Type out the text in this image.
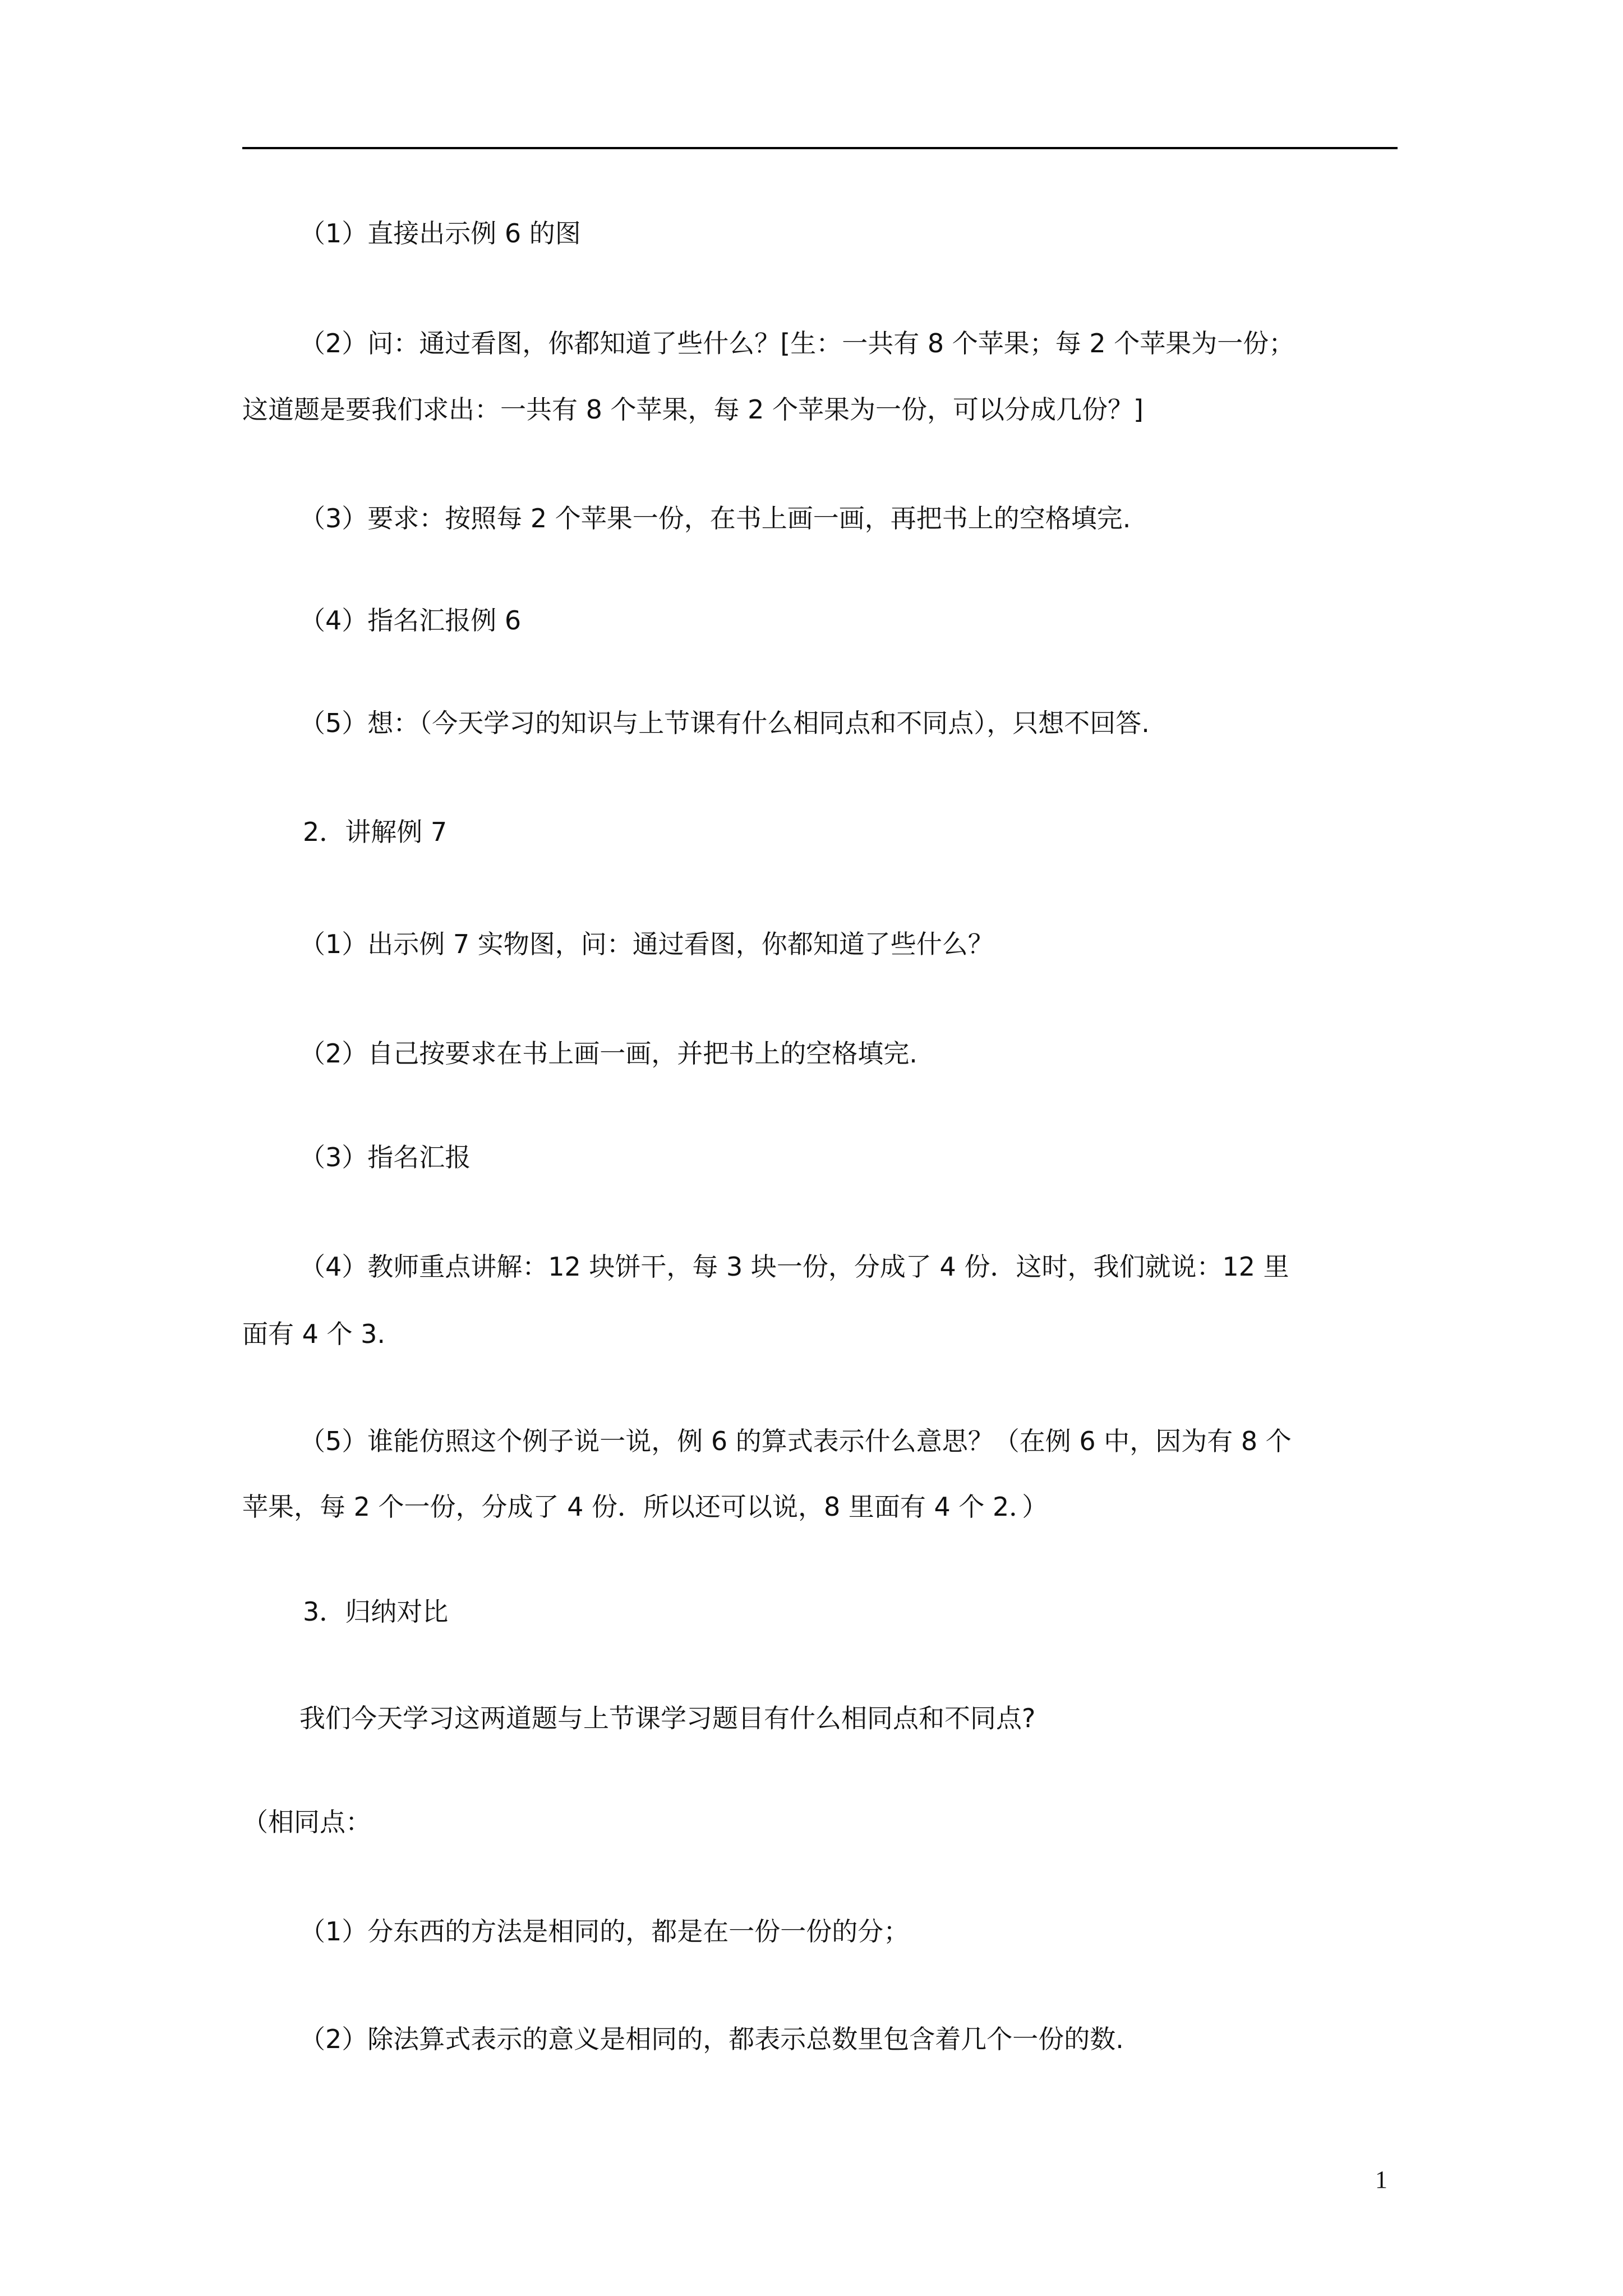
（1）直接出示例 6 的图
（2）问：通过看图，你都知道了些什么？[生：一共有 8 个苹果；每 2 个苹果为一份；
这道题是要我们求出：一共有 8 个苹果，每 2 个苹果为一份，可以分成几份？]
（3）要求：按照每 2 个苹果一份，在书上画一画，再把书上的空格填完.
（4）指名汇报例 6
（5）想：（今天学习的知识与上节课有什么相同点和不同点），只想不回答.
2．讲解例 7
（1）出示例 7 实物图，问：通过看图，你都知道了些什么？
（2）自己按要求在书上画一画，并把书上的空格填完.
（3）指名汇报
（4）教师重点讲解：12 块饼干，每 3 块一份，分成了 4 份．这时，我们就说：12 里
面有 4 个 3.
（5）谁能仿照这个例子说一说，例 6 的算式表示什么意思？（在例 6 中，因为有 8 个
苹果，每 2 个一份，分成了 4 份．所以还可以说，8 里面有 4 个 2．）
3．归纳对比
我们今天学习这两道题与上节课学习题目有什么相同点和不同点?
（相同点：
（1）分东西的方法是相同的，都是在一份一份的分；
（2）除法算式表示的意义是相同的，都表示总数里包含着几个一份的数.
1
